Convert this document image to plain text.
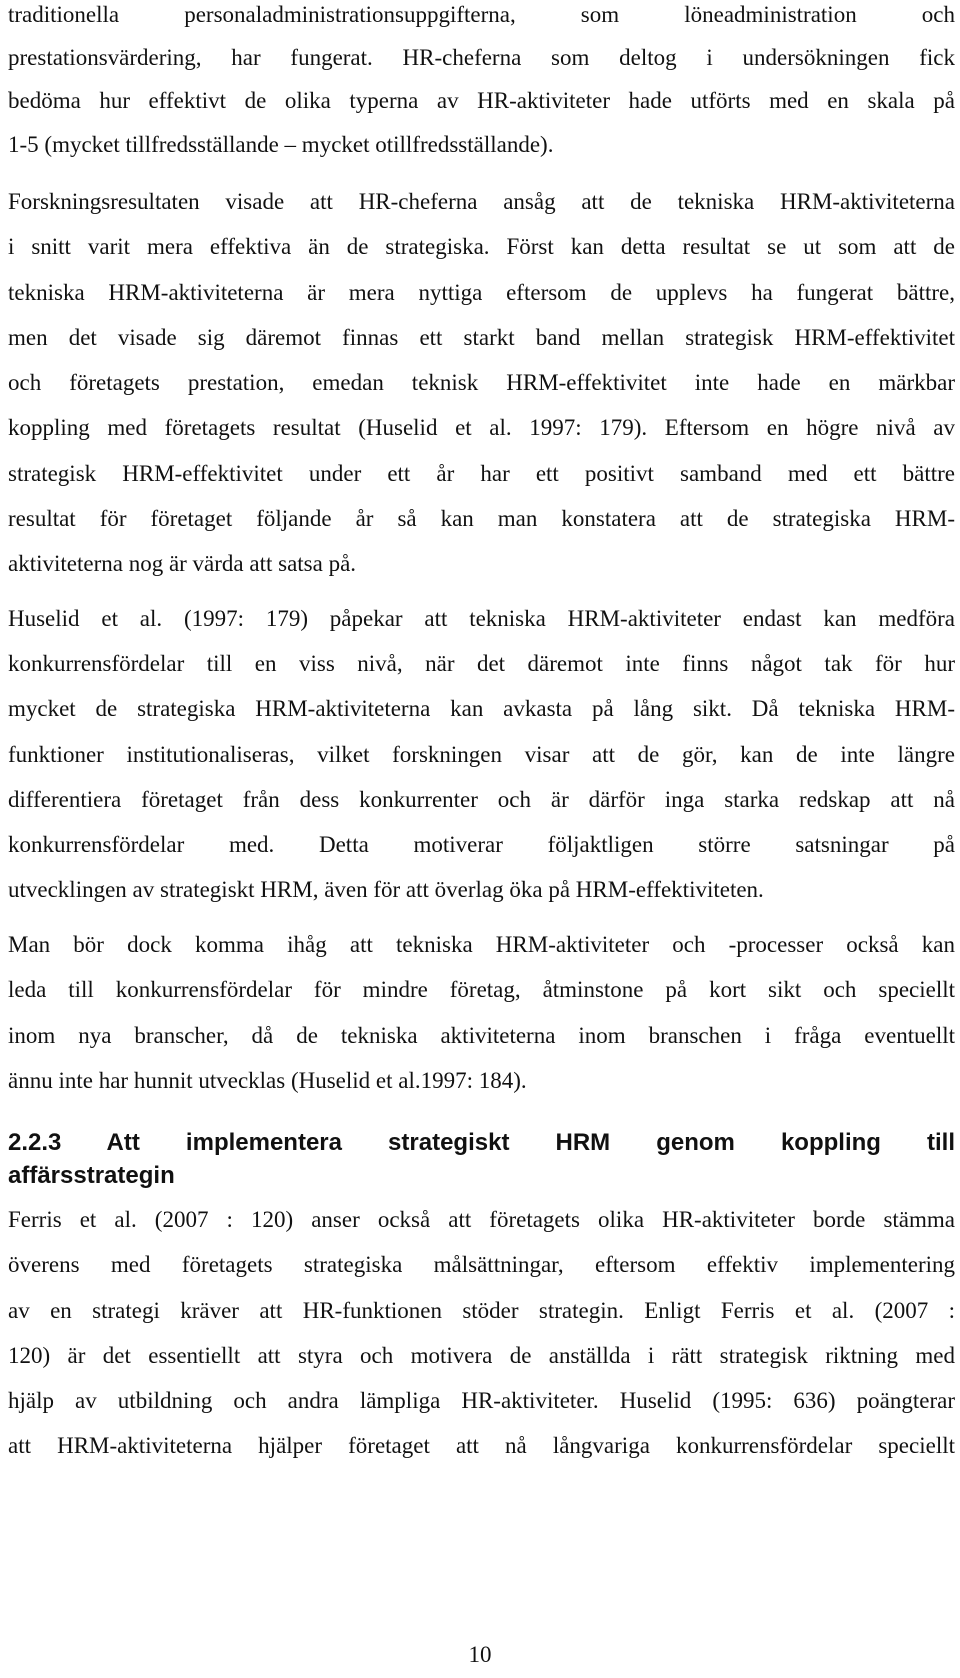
traditionella personaladministrationsuppgifterna, som löneadministration och
prestationsvärdering, har fungerat. HR-cheferna som deltog i undersökningen fick
bedöma hur effektivt de olika typerna av HR-aktiviteter hade utförts med en skala på
1-5 (mycket tillfredsställande – mycket otillfredsställande).
Forskningsresultaten visade att HR-cheferna ansåg att de tekniska HRM-aktiviteterna
i snitt varit mera effektiva än de strategiska. Först kan detta resultat se ut som att de
tekniska HRM-aktiviteterna är mera nyttiga eftersom de upplevs ha fungerat bättre,
men det visade sig däremot finnas ett starkt band mellan strategisk HRM-effektivitet
och företagets prestation, emedan teknisk HRM-effektivitet inte hade en märkbar
koppling med företagets resultat (Huselid et al. 1997: 179). Eftersom en högre nivå av
strategisk HRM-effektivitet under ett år har ett positivt samband med ett bättre
resultat för företaget följande år så kan man konstatera att de strategiska HRM-
aktiviteterna nog är värda att satsa på.
Huselid et al. (1997: 179) påpekar att tekniska HRM-aktiviteter endast kan medföra
konkurrensfördelar till en viss nivå, när det däremot inte finns något tak för hur
mycket de strategiska HRM-aktiviteterna kan avkasta på lång sikt. Då tekniska HRM-
funktioner institutionaliseras, vilket forskningen visar att de gör, kan de inte längre
differentiera företaget från dess konkurrenter och är därför inga starka redskap att nå
konkurrensfördelar med. Detta motiverar följaktligen större satsningar på
utvecklingen av strategiskt HRM, även för att överlag öka på HRM-effektiviteten.
Man bör dock komma ihåg att tekniska HRM-aktiviteter och -processer också kan
leda till konkurrensfördelar för mindre företag, åtminstone på kort sikt och speciellt
inom nya branscher, då de tekniska aktiviteterna inom branschen i fråga eventuellt
ännu inte har hunnit utvecklas (Huselid et al.1997: 184).
2.2.3 Att implementera strategiskt HRM genom koppling till
affärsstrategin
Ferris et al. (2007 : 120) anser också att företagets olika HR-aktiviteter borde stämma
överens med företagets strategiska målsättningar, eftersom effektiv implementering
av en strategi kräver att HR-funktionen stöder strategin. Enligt Ferris et al. (2007 :
120) är det essentiellt att styra och motivera de anställda i rätt strategisk riktning med
hjälp av utbildning och andra lämpliga HR-aktiviteter. Huselid (1995: 636) poängterar
att HRM-aktiviteterna hjälper företaget att nå långvariga konkurrensfördelar speciellt
10
